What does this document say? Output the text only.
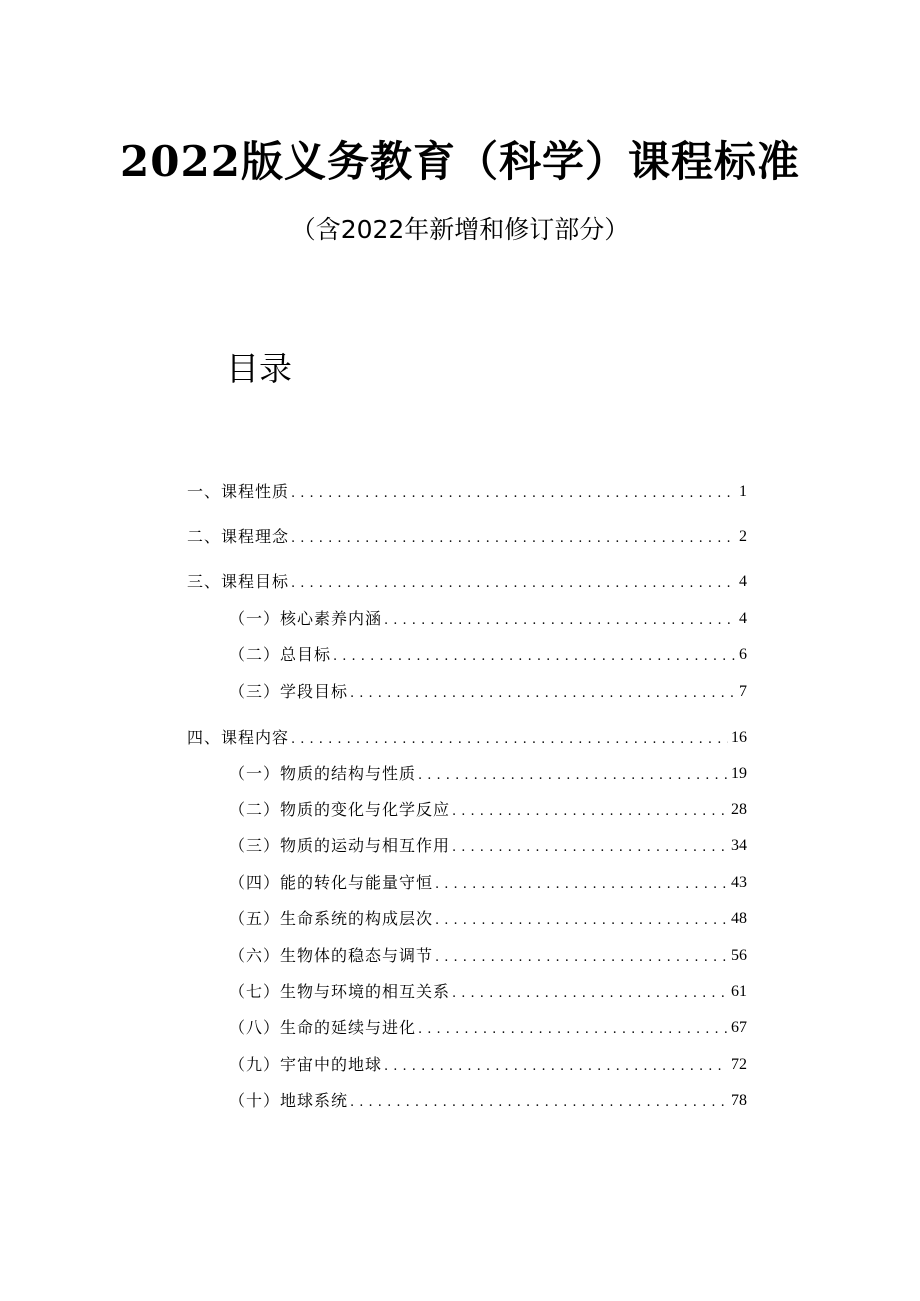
2022版义务教育（科学）课程标准
（含2022年新增和修订部分）
目录
一、课程性质 . . .	1
二、课程理念 . . .	2
三、课程目标 . . .	4
（一）核心素养内涵 . . .	4
（二）总目标 . . .	6
（三）学段目标 . . .	7
四、课程内容 . . .	16
（一）物质的结构与性质 . . .	19
（二）物质的变化与化学反应 . . .	28
（三）物质的运动与相互作用 . . .	34
（四）能的转化与能量守恒 . . .	43
（五）生命系统的构成层次 . . .	48
（六）生物体的稳态与调节 . . .	56
（七）生物与环境的相互关系 . . .	61
（八）生命的延续与进化 . . .	67
（九）宇宙中的地球 . . .	72
（十）地球系统 . . .	78
